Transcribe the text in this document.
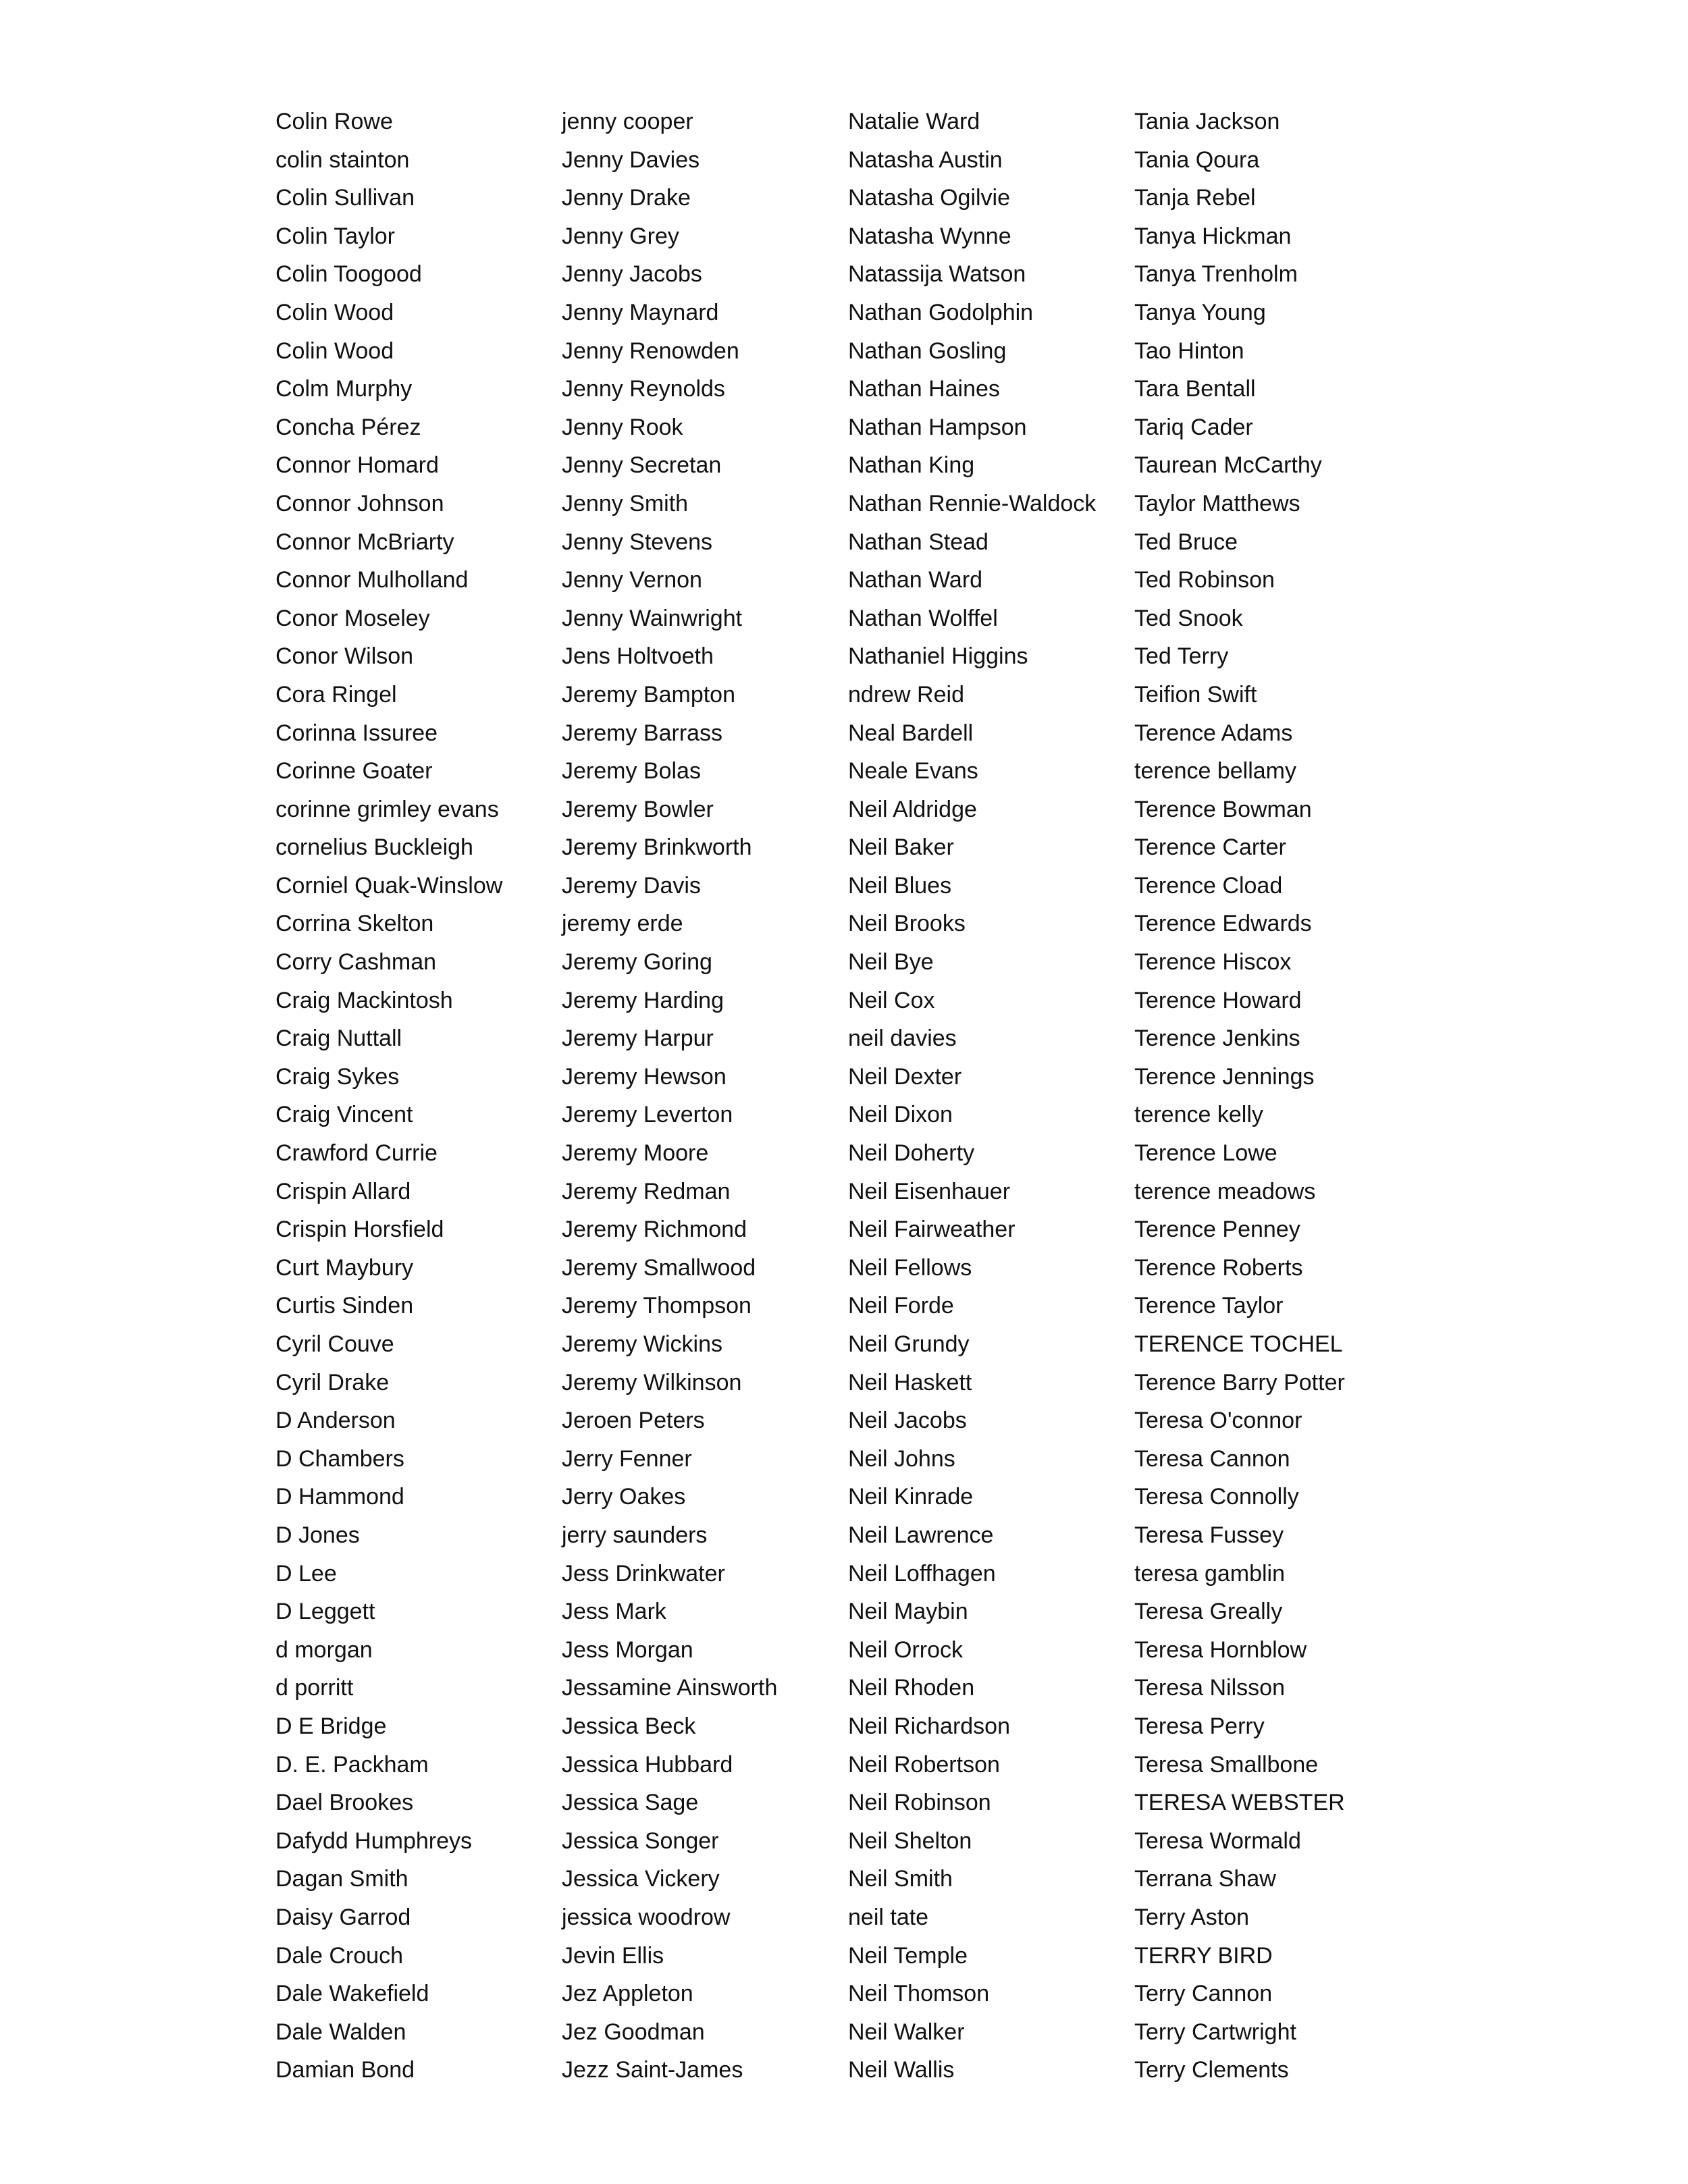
Colin Rowe
colin stainton
Colin Sullivan
Colin Taylor
Colin Toogood
Colin Wood
Colin Wood
Colm Murphy
Concha Pérez
Connor Homard
Connor Johnson
Connor McBriarty
Connor Mulholland
Conor Moseley
Conor Wilson
Cora Ringel
Corinna Issuree
Corinne Goater
corinne grimley evans
cornelius Buckleigh
Corniel Quak-Winslow
Corrina Skelton
Corry Cashman
Craig Mackintosh
Craig Nuttall
Craig Sykes
Craig Vincent
Crawford Currie
Crispin Allard
Crispin Horsfield
Curt Maybury
Curtis Sinden
Cyril Couve
Cyril Drake
D Anderson
D Chambers
D Hammond
D Jones
D Lee
D Leggett
d morgan
d porritt
D E Bridge
D. E. Packham
Dael Brookes
Dafydd Humphreys
Dagan Smith
Daisy Garrod
Dale Crouch
Dale Wakefield
Dale Walden
Damian Bond
jenny cooper
Jenny Davies
Jenny Drake
Jenny Grey
Jenny Jacobs
Jenny Maynard
Jenny Renowden
Jenny Reynolds
Jenny Rook
Jenny Secretan
Jenny Smith
Jenny Stevens
Jenny Vernon
Jenny Wainwright
Jens Holtvoeth
Jeremy Bampton
Jeremy Barrass
Jeremy Bolas
Jeremy Bowler
Jeremy Brinkworth
Jeremy Davis
jeremy erde
Jeremy Goring
Jeremy Harding
Jeremy Harpur
Jeremy Hewson
Jeremy Leverton
Jeremy Moore
Jeremy Redman
Jeremy Richmond
Jeremy Smallwood
Jeremy Thompson
Jeremy Wickins
Jeremy Wilkinson
Jeroen Peters
Jerry Fenner
Jerry Oakes
jerry saunders
Jess Drinkwater
Jess Mark
Jess Morgan
Jessamine Ainsworth
Jessica Beck
Jessica Hubbard
Jessica Sage
Jessica Songer
Jessica Vickery
jessica woodrow
Jevin Ellis
Jez Appleton
Jez Goodman
Jezz Saint-James
Natalie Ward
Natasha Austin
Natasha Ogilvie
Natasha Wynne
Natassija Watson
Nathan Godolphin
Nathan Gosling
Nathan Haines
Nathan Hampson
Nathan King
Nathan Rennie-Waldock
Nathan Stead
Nathan Ward
Nathan Wolffel
Nathaniel Higgins
ndrew Reid
Neal Bardell
Neale Evans
Neil Aldridge
Neil Baker
Neil Blues
Neil Brooks
Neil Bye
Neil Cox
neil davies
Neil Dexter
Neil Dixon
Neil Doherty
Neil Eisenhauer
Neil Fairweather
Neil Fellows
Neil Forde
Neil Grundy
Neil Haskett
Neil Jacobs
Neil Johns
Neil Kinrade
Neil Lawrence
Neil Loffhagen
Neil Maybin
Neil Orrock
Neil Rhoden
Neil Richardson
Neil Robertson
Neil Robinson
Neil Shelton
Neil Smith
neil tate
Neil Temple
Neil Thomson
Neil Walker
Neil Wallis
Tania Jackson
Tania Qoura
Tanja Rebel
Tanya Hickman
Tanya Trenholm
Tanya Young
Tao Hinton
Tara Bentall
Tariq Cader
Taurean McCarthy
Taylor Matthews
Ted Bruce
Ted Robinson
Ted Snook
Ted Terry
Teifion Swift
Terence Adams
terence bellamy
Terence Bowman
Terence Carter
Terence Cload
Terence Edwards
Terence Hiscox
Terence Howard
Terence Jenkins
Terence Jennings
terence kelly
Terence Lowe
terence meadows
Terence Penney
Terence Roberts
Terence Taylor
TERENCE TOCHEL
Terence Barry Potter
Teresa O'connor
Teresa Cannon
Teresa Connolly
Teresa Fussey
teresa gamblin
Teresa Greally
Teresa Hornblow
Teresa Nilsson
Teresa Perry
Teresa Smallbone
TERESA WEBSTER
Teresa Wormald
Terrana Shaw
Terry Aston
TERRY BIRD
Terry Cannon
Terry Cartwright
Terry Clements
